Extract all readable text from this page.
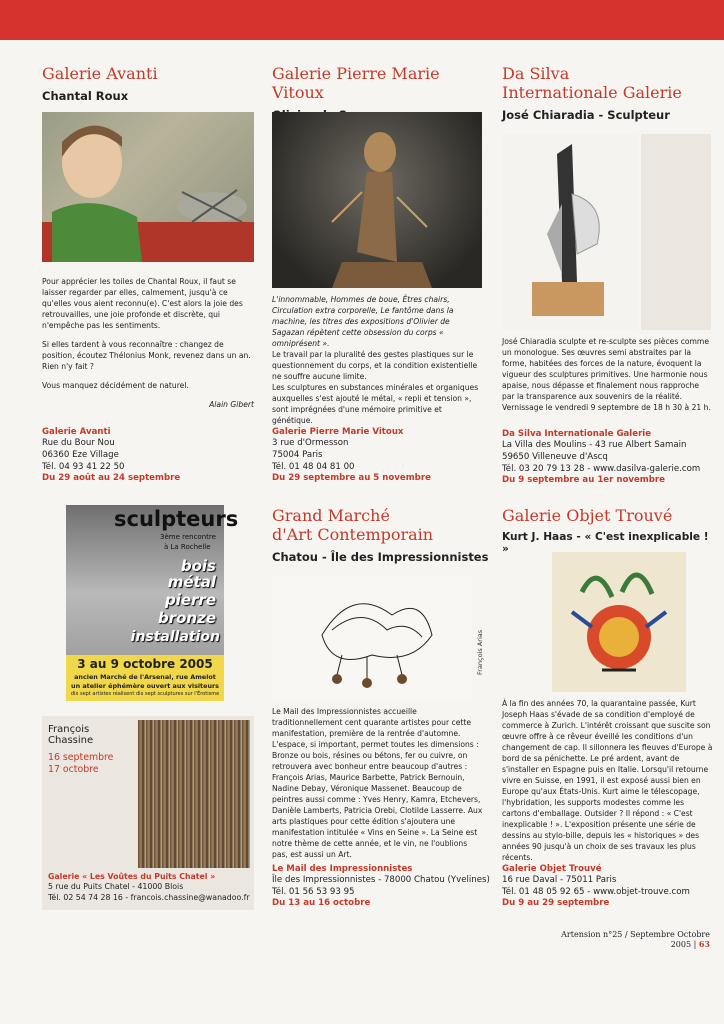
Galerie Avanti
Chantal Roux

Pour apprécier les toiles de Chantal Roux, il faut se laisser regarder par elles, calmement, jusqu'à ce qu'elles vous aient reconnu(e). C'est alors la joie des retrouvailles, une joie profonde et discrète, qui n'empêche pas les sentiments.

Si elles tardent à vous reconnaître : changez de position, écoutez Thélonius Monk, revenez dans un an. Rien n'y fait ?

Vous manquez décidément de naturel.

Alain Gibert
Galerie Avanti
Rue du Bour Nou
06360 Eze Village
Tél. 04 93 41 22 50
Du 29 août au 24 septembre
Galerie Pierre Marie Vitoux

L'innommable, Hommes de boue, Êtres chairs, Circulation extra corporelle, Le fantôme dans la machine, les titres des expositions d'Olivier de Sagazan répètent cette obsession du corps « omniprésent ».

Le travail par la pluralité des gestes plastiques sur le questionnement du corps, et la condition existentielle ne souffre aucune limite.

Les sculptures en substances minérales et organiques auxquelles s'est ajouté le métal, « repli et tension », sont imprégnées d'une mémoire primitive et génétique.

Galerie Pierre Marie Vitoux
3 rue d'Ormesson
75004 Paris
Tél. 01 48 04 81 00
Du 29 septembre au 5 novembre
Da Silva
Internationale Galerie
José Chiaradia - Sculpteur

José Chiaradia sculpte et re-sculpte ses pièces comme un monologue. Ses œuvres semi abstraites par la forme, habitées des forces de la nature, évoquent la vigueur des sculptures primitives. Une harmonie nous apaise, nous dépasse et finalement nous rapproche par la transparence aux souvenirs de la réalité.

Vernissage le vendredi 9 septembre de 18 h 30 à 21 h.

Da Silva Internationale Galerie
La Villa des Moulins - 43 rue Albert Samain
59650 Villeneuve d'Ascq
Tél. 03 20 79 13 28 - www.dasilva-galerie.com
Du 9 septembre au 1er novembre
sculpteurs
3ème rencontre
à La Rochelle
bois
métal
pierre
bronze
installation
3 au 9 octobre 2005
ancien Marché de l'Arsenal, rue Amelot
un atelier éphémère ouvert aux visiteurs
dix sept artistes réalisent dix sept sculptures sur l'Érotisme
François Chassine
16 septembre
17 octobre
Galerie « Les Voûtes du Puits Chatel »
5 rue du Puits Chatel - 41000 Blois
Tél. 02 54 74 28 16 - francois.chassine@wanadoo.fr
Grand Marché
d'Art Contemporain
Chatou - Île des Impressionnistes
François Arias
Le Mail des Impressionnistes accueille traditionnellement cent quarante artistes pour cette manifestation, première de la rentrée d'automne. L'espace, si important, permet toutes les dimensions : Bronze ou bois, résines ou bétons, fer ou cuivre, on retrouvera avec bonheur entre beaucoup d'autres : François Arias, Maurice Barbette, Patrick Bernouin, Nadine Debay, Véronique Massenet. Beaucoup de peintres aussi comme : Yves Henry, Kamra, Etchevers, Danièle Lamberts, Patricia Orebi, Clotilde Lasserre. Aux arts plastiques pour cette édition s'ajoutera une manifestation intitulée « Vins en Seine ». La Seine est notre thème de cette année, et le vin, ne l'oublions pas, est aussi un Art.
Le Mail des Impressionnistes
Île des Impressionnistes - 78000 Chatou (Yvelines)
Tél. 01 56 53 93 95
Du 13 au 16 octobre
Galerie Objet Trouvé
Kurt J. Haas - « C'est inexplicable ! »
À la fin des années 70, la quarantaine passée, Kurt Joseph Haas s'évade de sa condition d'employé de commerce à Zurich. L'intérêt croissant que suscite son œuvre offre à ce rêveur éveillé les conditions d'un changement de cap. Il sillonnera les fleuves d'Europe à bord de sa pénichette. Le pré ardent, avant de s'installer en Espagne puis en Italie. Lorsqu'il retourne vivre en Suisse, en 1991, il est exposé aussi bien en Europe qu'aux États-Unis. Kurt aime le télescopage, l'hybridation, les supports modestes comme les cartons d'emballage. Outsider ? Il répond : « C'est inexplicable ! ». L'exposition présente une série de dessins au stylo-bille, depuis les « historiques » des années 90 jusqu'à un choix de ses travaux les plus récents.
Galerie Objet Trouvé
16 rue Daval - 75011 Paris
Tél. 01 48 05 92 65 - www.objet-trouve.com
Du 9 au 29 septembre
Artension n°25 / Septembre Octobre 2005 | 63
